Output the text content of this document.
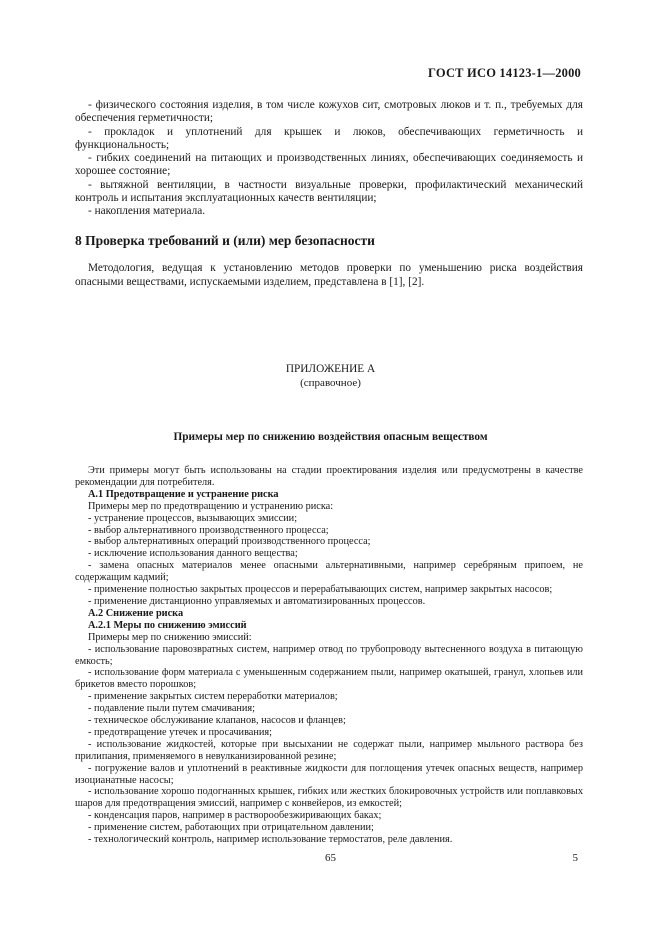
ГОСТ ИСО 14123-1—2000

- физического состояния изделия, в том числе кожухов сит, смотровых люков и т. п., требуемых для обеспечения герметичности;

- прокладок и уплотнений для крышек и люков, обеспечивающих герметичность и функциональность;

- гибких соединений на питающих и производственных линиях, обеспечивающих соединяемость и хорошее состояние;

- вытяжной вентиляции, в частности визуальные проверки, профилактический механический контроль и испытания эксплуатационных качеств вентиляции;

- накопления материала.

8 Проверка требований и (или) мер безопасности
Методология, ведущая к установлению методов проверки по уменьшению риска воздействия опасными веществами, испускаемыми изделием, представлена в [1], [2].
ПРИЛОЖЕНИЕ А
(справочное)
Примеры мер по снижению воздействия опасным веществом

Эти примеры могут быть использованы на стадии проектирования изделия или предусмотрены в качестве рекомендации для потребителя.

А.1 Предотвращение и устранение риска

Примеры мер по предотвращению и устранению риска:

- устранение процессов, вызывающих эмиссии;

- выбор альтернативного производственного процесса;

- выбор альтернативных операций производственного процесса;

- исключение использования данного вещества;

- замена опасных материалов менее опасными альтернативными, например серебряным припоем, не содержащим кадмий;

- применение полностью закрытых процессов и перерабатывающих систем, например закрытых насосов;

- применение дистанционно управляемых и автоматизированных процессов.

А.2 Снижение риска

А.2.1 Меры по снижению эмиссий

Примеры мер по снижению эмиссий:

- использование паровозвратных систем, например отвод по трубопроводу вытесненного воздуха в питающую емкость;

- использование форм материала с уменьшенным содержанием пыли, например окатышей, гранул, хлопьев или брикетов вместо порошков;

- применение закрытых систем переработки материалов;

- подавление пыли путем смачивания;

- техническое обслуживание клапанов, насосов и фланцев;

- предотвращение утечек и просачивания;

- использование жидкостей, которые при высыхании не содержат пыли, например мыльного раствора без прилипания, применяемого в невулканизированной резине;

- погружение валов и уплотнений в реактивные жидкости для поглощения утечек опасных веществ, например изоцианатные насосы;

- использование хорошо подогнанных крышек, гибких или жестких блокировочных устройств или поплавковых шаров для предотвращения эмиссий, например с конвейеров, из емкостей;

- конденсация паров, например в растворообезжиривающих баках;

- применение систем, работающих при отрицательном давлении;

- технологический контроль, например использование термостатов, реле давления.

65	5
